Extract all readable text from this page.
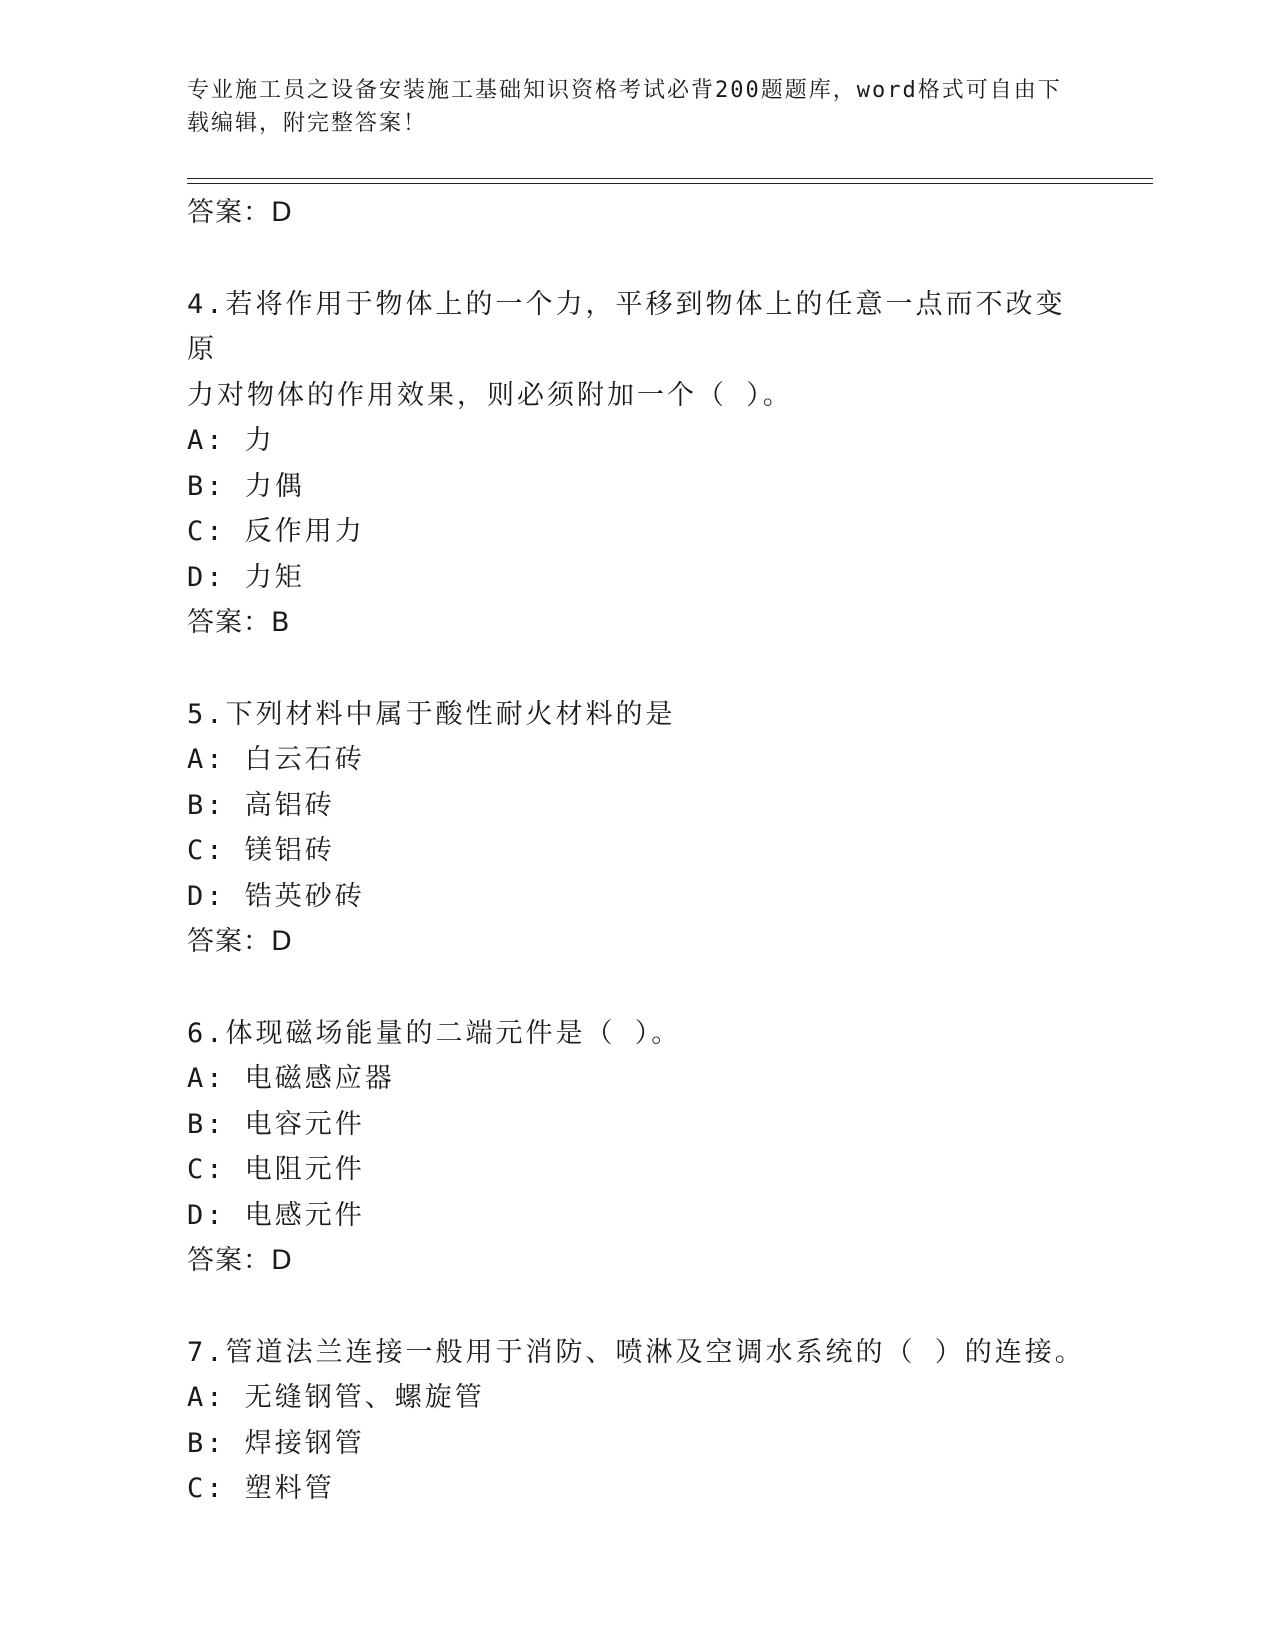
专业施工员之设备安装施工基础知识资格考试必背200题题库，word格式可自由下载编辑，附完整答案！
答案：D
4.若将作用于物体上的一个力，平移到物体上的任意一点而不改变原
力对物体的作用效果，则必须附加一个（ ）。
A: 力
B: 力偶
C: 反作用力
D: 力矩
答案：B
5.下列材料中属于酸性耐火材料的是
A: 白云石砖
B: 高铝砖
C: 镁铝砖
D: 锆英砂砖
答案：D
6.体现磁场能量的二端元件是（ ）。
A: 电磁感应器
B: 电容元件
C: 电阻元件
D: 电感元件
答案：D
7.管道法兰连接一般用于消防、喷淋及空调水系统的（ ）的连接。
A: 无缝钢管、螺旋管
B: 焊接钢管
C: 塑料管
